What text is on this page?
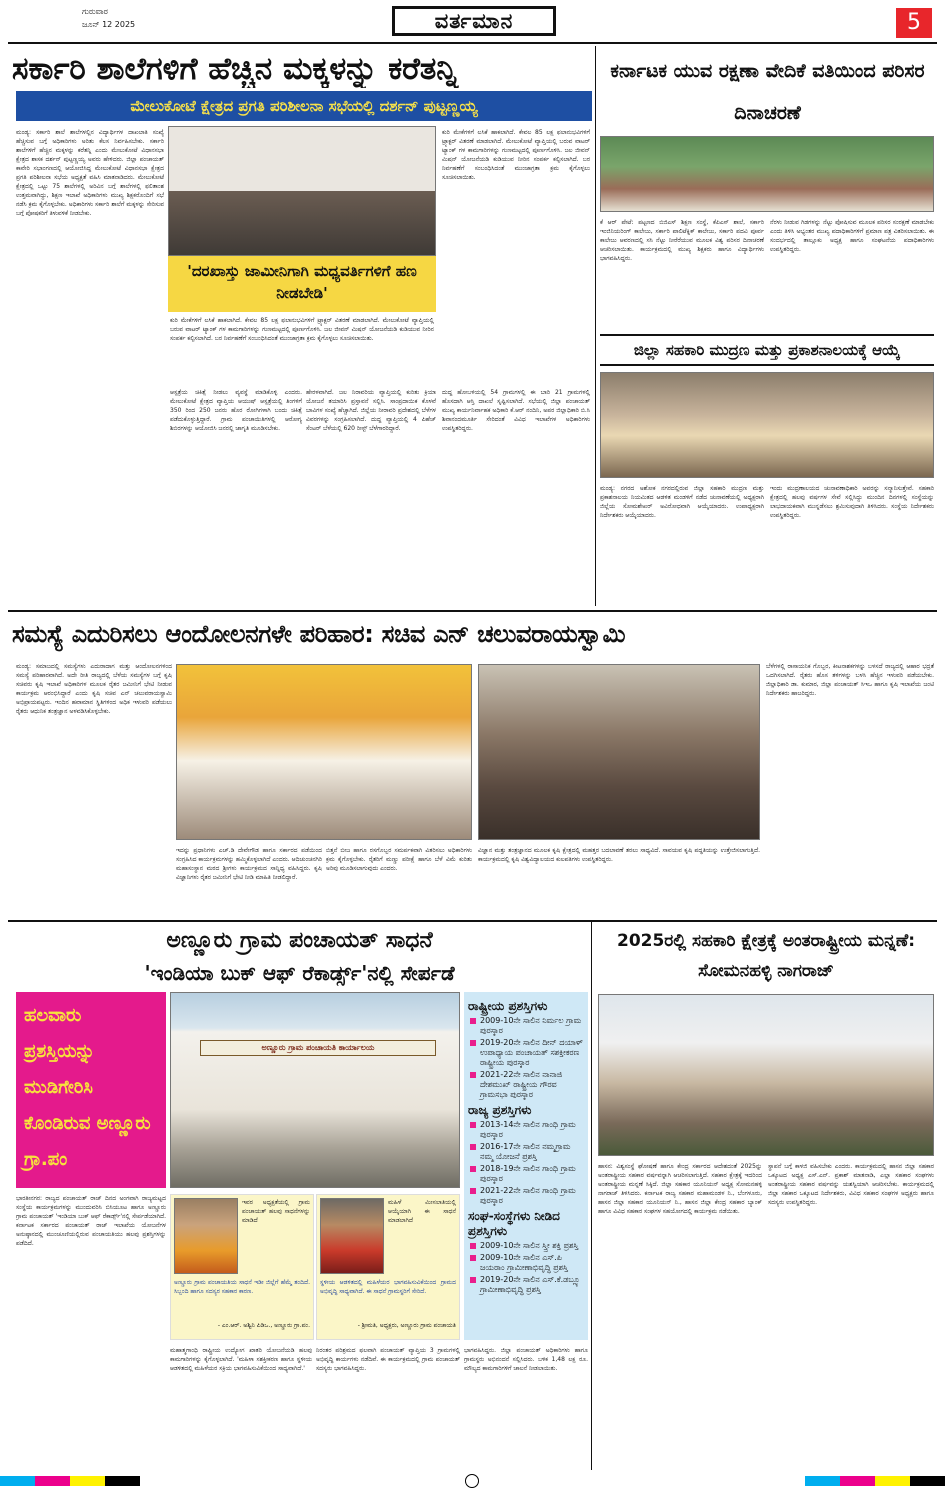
ಗುರುವಾರ
ಜೂನ್ 12 2025	ವರ್ತಮಾನ	5
ಸರ್ಕಾರಿ ಶಾಲೆಗಳಿಗೆ ಹೆಚ್ಚಿನ ಮಕ್ಕಳನ್ನು ಕರೆತನ್ನಿ
ಮೇಲುಕೋಟೆ ಕ್ಷೇತ್ರದ ಪ್ರಗತಿ ಪರಿಶೀಲನಾ ಸಭೆಯಲ್ಲಿ ದರ್ಶನ್ ಪುಟ್ಟಣ್ಣಯ್ಯ
'ದರಖಾಸ್ತು ಜಾಮೀನಿಗಾಗಿ ಮಧ್ಯವರ್ತಿಗಳಿಗೆ ಹಣ ನೀಡಬೇಡಿ'
ಮಂಡ್ಯ: ಸರ್ಕಾರಿ ಶಾಲೆ ಶಾಲೆಗಳಲ್ಲಿನ ವಿದ್ಯಾರ್ಥಿಗಳ ದಾಖಲಾತಿ ಸಂಖ್ಯೆ ಹೆಚ್ಚಿಸುವ ಬಗ್ಗೆ ಅಧಿಕಾರಿಗಳು ಅರಿತು ಕೆಲಸ ನಿರ್ವಹಿಸಬೇಕು. ಸರ್ಕಾರಿ ಶಾಲೆಗಳಿಗೆ ಹೆಚ್ಚಿನ ಮಕ್ಕಳನ್ನು ಕರೆತನ್ನಿ ಎಂದು ಮೇಲುಕೋಟೆ ವಿಧಾನಸಭಾ ಕ್ಷೇತ್ರದ ಶಾಸಕ ದರ್ಶನ್ ಪುಟ್ಟಣ್ಣಯ್ಯ ಅವರು ಹೇಳಿದರು. ಜಿಲ್ಲಾ ಪಂಚಾಯತ್ ಕಾವೇರಿ ಸಭಾಂಗಣದಲ್ಲಿ ಆಯೋಜಿಸಿದ್ದ ಮೇಲುಕೋಟೆ ವಿಧಾನಸಭಾ ಕ್ಷೇತ್ರದ ಪ್ರಗತಿ ಪರಿಶೀಲನಾ ಸಭೆಯ ಅಧ್ಯಕ್ಷತೆ ವಹಿಸಿ ಮಾತನಾಡಿದರು. ಮೇಲುಕೋಟೆ ಕ್ಷೇತ್ರದಲ್ಲಿ ಒಟ್ಟು 75 ಶಾಲೆಗಳಲ್ಲಿ ಅರಿವಿನ ಬಗ್ಗೆ ಶಾಲೆಗಳಲ್ಲಿ ಫಲಿತಾಂಶ ಉತ್ತಮವಾಗಿದ್ದು, ಶಿಕ್ಷಣ ಇಲಾಖೆ ಅಧಿಕಾರಿಗಳು ಮುಖ್ಯ ಶಿಕ್ಷಕರೊಂದಿಗೆ ಸಭೆ ನಡೆಸಿ ಕ್ರಮ ಕೈಗೊಳ್ಳಬೇಕು. ಅಧಿಕಾರಿಗಳು ಸರ್ಕಾರಿ ಶಾಲೆಗೆ ಮಕ್ಕಳನ್ನು ಸೇರಿಸುವ ಬಗ್ಗೆ ಪೋಷಕರಿಗೆ ತಿಳುವಳಿಕೆ ನೀಡಬೇಕು.
ಕುರಿ ಮೇಕೆಗಳಿಗೆ ಲಸಿಕೆ ಹಾಕಲಾಗಿದೆ. ಕೇವಲ 85 ಲಕ್ಷ ಫಲಾನುಭವಿಗಳಿಗೆ ಟ್ರ್ಯಾಕ್ಟರ್ ವಿತರಣೆ ಮಾಡಲಾಗಿದೆ. ಮೇಲುಕೋಟೆ ವ್ಯಾಪ್ತಿಯಲ್ಲಿ ಬರುವ ವಾಟರ್ ಟ್ಯಾಂಕ್ ಗಳ ಕಾಮಗಾರಿಗಳನ್ನು ಗುಣಮಟ್ಟದಲ್ಲಿ ಪೂರ್ಣಗೊಳಿಸಿ. ಜಲ ಜೀವನ್ ಮಿಷನ್ ಯೋಜನೆಯಡಿ ಕುಡಿಯುವ ನೀರಿನ ಸಂಪರ್ಕ ಕಲ್ಪಿಸಲಾಗಿದೆ. ಬರ ನಿರ್ವಹಣೆಗೆ ಸಂಬಂಧಿಸಿದಂತೆ ಮುಂಜಾಗ್ರತಾ ಕ್ರಮ ಕೈಗೊಳ್ಳಲು ಸೂಚಿಸಲಾಯಿತು.
ಕುರಿ ಮೇಕೆಗಳಿಗೆ ಲಸಿಕೆ ಹಾಕಲಾಗಿದೆ. ಕೇವಲ 85 ಲಕ್ಷ ಫಲಾನುಭವಿಗಳಿಗೆ ಟ್ರ್ಯಾಕ್ಟರ್ ವಿತರಣೆ ಮಾಡಲಾಗಿದೆ. ಮೇಲುಕೋಟೆ ವ್ಯಾಪ್ತಿಯಲ್ಲಿ ಬರುವ ವಾಟರ್ ಟ್ಯಾಂಕ್ ಗಳ ಕಾಮಗಾರಿಗಳನ್ನು ಗುಣಮಟ್ಟದಲ್ಲಿ ಪೂರ್ಣಗೊಳಿಸಿ. ಜಲ ಜೀವನ್ ಮಿಷನ್ ಯೋಜನೆಯಡಿ ಕುಡಿಯುವ ನೀರಿನ ಸಂಪರ್ಕ ಕಲ್ಪಿಸಲಾಗಿದೆ. ಬರ ನಿರ್ವಹಣೆಗೆ ಸಂಬಂಧಿಸಿದಂತೆ ಮುಂಜಾಗ್ರತಾ ಕ್ರಮ ಕೈಗೊಳ್ಳಲು ಸೂಚಿಸಲಾಯಿತು.
ಆಸ್ಪತ್ರೆಯ ಚಿಕಿತ್ಸೆ ನೀಡಲು ವ್ಯವಸ್ಥೆ ಮಾಡಿಕೊಳ್ಳಿ ಎಂದರು. ಮೇಲುಕೋಟೆ ಕ್ಷೇತ್ರದ ವ್ಯಾಪ್ತಿಯ ಆಯುಷ್ ಆಸ್ಪತ್ರೆಯಲ್ಲಿ ತಿಂಗಳಿಗೆ 350 ರಿಂದ 250 ಜನರು ಹೊರ ರೋಗಿಗಳಾಗಿ ಬಂದು ಚಿಕಿತ್ಸೆ ಪಡೆದುಕೊಳ್ಳುತ್ತಿದ್ದಾರೆ. ಗ್ರಾಮ ಪಂಚಾಯಿತಿಗಳಲ್ಲಿ ಆರೋಗ್ಯ ಶಿಬಿರಗಳನ್ನು ಆಯೋಜಿಸಿ ಜನರಲ್ಲಿ ಜಾಗೃತಿ ಮೂಡಿಸಬೇಕು.
ಹೇರಳವಾಗಿದೆ. ಜಲ ನಿರಾವರಿಯ ವ್ಯಾಪ್ತಿಯಲ್ಲಿ ಕುರಿತು ಕ್ರಿಯಾ ಯೋಜನೆ ತಯಾರಿಸಿ ಪ್ರಸ್ತಾವನೆ ಸಲ್ಲಿಸಿ. ಸಾಂಪ್ರದಾಯಿಕ ಕೊಳವೆ ಬಾವಿಗಳ ಸಂಖ್ಯೆ ಹೆಚ್ಚಾಗಿದೆ. ಜಿಲ್ಲೆಯ ನೀರಾವರಿ ಪ್ರದೇಶದಲ್ಲಿ ಬೆಳೆಗಳ ವಿವರಗಳನ್ನು ಸಂಗ್ರಹಿಸಲಾಗಿದೆ. ದುದ್ದ ವ್ಯಾಪ್ತಿಯಲ್ಲಿ 4 ಪಿಹೆಚ್ ಸೆಂಟರ್ ಬೆಳೆಯಲ್ಲಿ 620 ರೀಸ್ಟ್ ಬೆಳೆಗಾರರಿದ್ದಾರೆ.
ದುದ್ದ ಹೋಬಳಿಯಲ್ಲಿ 54 ಗ್ರಾಮಗಳಲ್ಲಿ ಈ ಬಾರಿ 21 ಗ್ರಾಮಗಳಲ್ಲಿ ಹೊಸದಾಗಿ ಆಸ್ತಿ ದಾಖಲೆ ಸೃಷ್ಟಿಸಲಾಗಿದೆ. ಸಭೆಯಲ್ಲಿ ಜಿಲ್ಲಾ ಪಂಚಾಯತ್ ಮುಖ್ಯ ಕಾರ್ಯನಿರ್ವಾಹಕ ಅಧಿಕಾರಿ ಕೆ.ಆರ್ ನಂದಿನಿ, ಅಪರ ಜಿಲ್ಲಾಧಿಕಾರಿ ಬಿ.ಸಿ ಶಿವಾನಂದಮೂರ್ತಿ ಸೇರಿದಂತೆ ವಿವಿಧ ಇಲಾಖೆಗಳ ಅಧಿಕಾರಿಗಳು ಉಪಸ್ಥಿತರಿದ್ದರು.
ಕರ್ನಾಟಕ ಯುವ ರಕ್ಷಣಾ ವೇದಿಕೆ ವತಿಯಿಂದ ಪರಿಸರ ದಿನಾಚರಣೆ
ಕೆ ಆರ್ ಪೇಟೆ: ಪಟ್ಟಣದ ಬಿಜಿಎಸ್ ಶಿಕ್ಷಣ ಸಂಸ್ಥೆ, ಕೆಪಿಎಸ್ ಶಾಲೆ, ಸರ್ಕಾರಿ ಇಂಜಿನಿಯರಿಂಗ್ ಕಾಲೇಜು, ಸರ್ಕಾರಿ ಪಾಲಿಟೆಕ್ನಿಕ್ ಕಾಲೇಜು, ಸರ್ಕಾರಿ ಪದವಿ ಪೂರ್ವ ಕಾಲೇಜು ಆವರಣದಲ್ಲಿ ಸಸಿ ನೆಟ್ಟು ನೀರೆರೆಯುವ ಮೂಲಕ ವಿಶ್ವ ಪರಿಸರ ದಿನಾಚರಣೆ ಆಚರಿಸಲಾಯಿತು. ಕಾರ್ಯಕ್ರಮದಲ್ಲಿ ಮುಖ್ಯ ಶಿಕ್ಷಕರು ಹಾಗೂ ವಿದ್ಯಾರ್ಥಿಗಳು ಭಾಗವಹಿಸಿದ್ದರು.
ನೆರಳು ನೀಡುವ ಗಿಡಗಳನ್ನು ನೆಟ್ಟು ಪೋಷಿಸುವ ಮೂಲಕ ಪರಿಸರ ಸಂರಕ್ಷಣೆ ಮಾಡಬೇಕು ಎಂದು ತಿಳಿಸಿ ಅಭ್ಯಂತರ ಮುಖ್ಯ ಪದಾಧಿಕಾರಿಗಳಿಗೆ ಪ್ರಮಾಣ ಪತ್ರ ವಿತರಿಸಲಾಯಿತು. ಈ ಸಂದರ್ಭದಲ್ಲಿ ತಾಲ್ಲೂಕು ಅಧ್ಯಕ್ಷ ಹಾಗೂ ಸಂಘಟನೆಯ ಪದಾಧಿಕಾರಿಗಳು ಉಪಸ್ಥಿತರಿದ್ದರು.
ಜಿಲ್ಲಾ ಸಹಕಾರಿ ಮುದ್ರಣ ಮತ್ತು ಪ್ರಕಾಶನಾಲಯಕ್ಕೆ ಆಯ್ಕೆ
ಮಂಡ್ಯ: ನಗರದ ಅಶೋಕ ನಗರದಲ್ಲಿರುವ ಜಿಲ್ಲಾ ಸಹಕಾರಿ ಮುದ್ರಣ ಮತ್ತು ಪ್ರಕಾಶನಾಲಯ ನಿಯಮಿತದ ಆಡಳಿತ ಮಂಡಳಿಗೆ ನಡೆದ ಚುನಾವಣೆಯಲ್ಲಿ ಅಧ್ಯಕ್ಷರಾಗಿ ಜಿಲ್ಲೆಯ ಸೋಮಶೇಖರ್ ಅವಿರೋಧವಾಗಿ ಆಯ್ಕೆಯಾದರು. ಉಪಾಧ್ಯಕ್ಷರಾಗಿ ನಿರ್ದೇಶಕರು ಆಯ್ಕೆಯಾದರು.
ಇಂದು ಮುದ್ರಣಾಲಯದ ಚುನಾವಣಾಧಿಕಾರಿ ಅವರನ್ನು ಸನ್ಮಾನಿಸುತ್ತೇವೆ. ಸಹಕಾರಿ ಕ್ಷೇತ್ರದಲ್ಲಿ ಹಲವು ವರ್ಷಗಳ ಸೇವೆ ಸಲ್ಲಿಸಿದ್ದು ಮುಂದಿನ ದಿನಗಳಲ್ಲಿ ಸಂಸ್ಥೆಯನ್ನು ಲಾಭದಾಯಕವಾಗಿ ಮುನ್ನಡೆಸಲು ಶ್ರಮಿಸುವುದಾಗಿ ತಿಳಿಸಿದರು. ಸಂಸ್ಥೆಯ ನಿರ್ದೇಶಕರು ಉಪಸ್ಥಿತರಿದ್ದರು.
ಸಮಸ್ಯೆ ಎದುರಿಸಲು ಆಂದೋಲನಗಳೇ ಪರಿಹಾರ: ಸಚಿವ ಎನ್ ಚಲುವರಾಯಸ್ವಾಮಿ
ಮಂಡ್ಯ: ಸಮಾಜದಲ್ಲಿ ಸಮಸ್ಯೆಗಳು ಎದುರಾದಾಗ ಮತ್ತು ಆಂದೋಲನಗಳಿಂದ ಸಮಸ್ಯೆ ಪರಿಹಾರವಾಗಿದೆ. ಅದೇ ರೀತಿ ರಾಜ್ಯದಲ್ಲಿ ಬೆಳೆಯ ಸಮಸ್ಯೆಗಳ ಬಗ್ಗೆ ಕೃಷಿ ಸಚಿವರು ಕೃಷಿ ಇಲಾಖೆ ಅಧಿಕಾರಿಗಳ ಮೂಲಕ ರೈತರ ಜಮೀನಿಗೆ ಭೇಟಿ ನೀಡುವ ಕಾರ್ಯಕ್ರಮ ಆರಂಭಿಸಿದ್ದಾರೆ ಎಂದು ಕೃಷಿ ಸಚಿವ ಎನ್ ಚಲುವರಾಯಸ್ವಾಮಿ ಅಭಿಪ್ರಾಯಪಟ್ಟರು. ಇಂದಿನ ಹವಾಮಾನ ಸ್ಥಿತಿಗಳಿಂದ ಅಧಿಕ ಇಳುವರಿ ಪಡೆಯಲು ರೈತರು ಆಧುನಿಕ ತಂತ್ರಜ್ಞಾನ ಅಳವಡಿಸಿಕೊಳ್ಳಬೇಕು.
ಬೆಳೆಗಳಲ್ಲಿ ರಾಸಾಯನಿಕ ಗೊಬ್ಬರ, ಕೀಟನಾಶಕಗಳನ್ನು ಬಳಸದೆ ರಾಜ್ಯದಲ್ಲಿ ಆಹಾರ ಭದ್ರತೆ ಒದಗಿಸಲಾಗಿದೆ. ರೈತರು ಹೊಸ ತಳಿಗಳನ್ನು ಬಳಸಿ ಹೆಚ್ಚಿನ ಇಳುವರಿ ಪಡೆಯಬೇಕು. ಜಿಲ್ಲಾಧಿಕಾರಿ ಡಾ. ಕುಮಾರ, ಜಿಲ್ಲಾ ಪಂಚಾಯತ್ ಸಿಇಒ ಹಾಗೂ ಕೃಷಿ ಇಲಾಖೆಯ ಜಂಟಿ ನಿರ್ದೇಶಕರು ಹಾಜರಿದ್ದರು.
ಇದನ್ನು ಪ್ರಧಾನಿಗಳು ಎಚ್.ಡಿ ದೇವೇಗೌಡ ಹಾಗೂ ಸರ್ಕಾರದ ಪಡೆಯಿಂದ ಸಂಗ್ರಹಿಸಿದ ಕಾರ್ಯಕ್ರಮಗಳನ್ನು ಹಮ್ಮಿಕೊಳ್ಳಲಾಗಿದೆ ಎಂದರು. ಆದಿಚುಂಚನಗಿರಿ ಮಹಾಸಂಸ್ಥಾನ ಮಠದ ಶ್ರೀಗಳು ಕಾರ್ಯಕ್ರಮದ ಸಾನ್ನಿಧ್ಯ ವಹಿಸಿದ್ದರು. ಕೃಷಿ ವಿಜ್ಞಾನಿಗಳು ರೈತರ ಜಮೀನಿಗೆ ಭೇಟಿ ನೀಡಿ ಮಾಹಿತಿ ನೀಡಲಿದ್ದಾರೆ.
ಬಿತ್ತನೆ ಬೀಜ ಹಾಗೂ ರಸಗೊಬ್ಬರ ಸಮರ್ಪಕವಾಗಿ ವಿತರಿಸಲು ಅಧಿಕಾರಿಗಳು ಕ್ರಮ ಕೈಗೊಳ್ಳಬೇಕು. ರೈತರಿಗೆ ಮಣ್ಣು ಪರೀಕ್ಷೆ ಹಾಗೂ ಬೆಳೆ ವಿಮೆ ಕುರಿತು ಅರಿವು ಮೂಡಿಸಲಾಗುವುದು ಎಂದರು.
ವಿಜ್ಞಾನ ಮತ್ತು ತಂತ್ರಜ್ಞಾನದ ಮೂಲಕ ಕೃಷಿ ಕ್ಷೇತ್ರದಲ್ಲಿ ಮಹತ್ತರ ಬದಲಾವಣೆ ತರಲು ಸಾಧ್ಯವಿದೆ. ಸಾವಯವ ಕೃಷಿ ಪದ್ಧತಿಯನ್ನು ಉತ್ತೇಜಿಸಲಾಗುತ್ತಿದೆ. ಕಾರ್ಯಕ್ರಮದಲ್ಲಿ ಕೃಷಿ ವಿಶ್ವವಿದ್ಯಾಲಯದ ಕುಲಪತಿಗಳು ಉಪಸ್ಥಿತರಿದ್ದರು.
ಅಣ್ಣೂರು ಗ್ರಾಮ ಪಂಚಾಯತ್ ಸಾಧನೆ
'ಇಂಡಿಯಾ ಬುಕ್ ಆಫ್ ರೆಕಾರ್ಡ್ಸ್'ನಲ್ಲಿ ಸೇರ್ಪಡೆ
ಹಲವಾರು ಪ್ರಶಸ್ತಿಯನ್ನು ಮುಡಿಗೇರಿಸಿ ಕೊಂಡಿರುವ ಅಣ್ಣೂರು ಗ್ರಾ.ಪಂ
ಅಣ್ಣೂರು ಗ್ರಾಮ ಪಂಚಾಯತಿ ಕಾರ್ಯಾಲಯ
ರಾಷ್ಟ್ರೀಯ ಪ್ರಶಸ್ತಿಗಳು
2009-10ನೇ ಸಾಲಿನ ನಿರ್ಮಲ ಗ್ರಾಮ ಪುರಸ್ಕಾರ
2019-20ನೇ ಸಾಲಿನ ದೀನ್ ದಯಾಳ್ ಉಪಾಧ್ಯಾಯ ಪಂಚಾಯತ್ ಸಶಕ್ತೀಕರಣ ರಾಷ್ಟ್ರೀಯ ಪುರಸ್ಕಾರ
2021-22ನೇ ಸಾಲಿನ ನಾನಾಜಿ ದೇಶಮುಖ್ ರಾಷ್ಟ್ರೀಯ ಗೌರವ ಗ್ರಾಮಸಭಾ ಪುರಸ್ಕಾರ
ರಾಜ್ಯ ಪ್ರಶಸ್ತಿಗಳು
2013-14ನೇ ಸಾಲಿನ ಗಾಂಧಿ ಗ್ರಾಮ ಪುರಸ್ಕಾರ
2016-17ನೇ ಸಾಲಿನ ನಮ್ಮಗ್ರಾಮ ನಮ್ಮ ಯೋಜನೆ ಪ್ರಶಸ್ತಿ
2018-19ನೇ ಸಾಲಿನ ಗಾಂಧಿ ಗ್ರಾಮ ಪುರಸ್ಕಾರ
2021-22ನೇ ಸಾಲಿನ ಗಾಂಧಿ ಗ್ರಾಮ ಪುರಸ್ಕಾರ
ಸಂಘ-ಸಂಸ್ಥೆಗಳು ನೀಡಿದ ಪ್ರಶಸ್ತಿಗಳು
2009-10ನೇ ಸಾಲಿನ ಸ್ತ್ರೀ ಶಕ್ತಿ ಪ್ರಶಸ್ತಿ
2009-10ನೇ ಸಾಲಿನ ಎಸ್.ಪಿ ಜಯರಾಂ ಗ್ರಾಮೀಣಾಭಿವೃದ್ಧಿ ಪ್ರಶಸ್ತಿ
2019-20ನೇ ಸಾಲಿನ ಎಸ್.ಕೆ.ಡಬ್ಲ್ಯೂ ಗ್ರಾಮೀಣಾಭಿವೃದ್ಧಿ ಪ್ರಶಸ್ತಿ
ಇವರ ಅಧ್ಯಕ್ಷತೆಯಲ್ಲಿ ಗ್ರಾಮ ಪಂಚಾಯತ್ ಹಲವು ಸಾಧನೆಗಳನ್ನು ಮಾಡಿದೆ
ಅಣ್ಣೂರು ಗ್ರಾಮ ಪಂಚಾಯತಿಯ ಸಾಧನೆ ಇಡೀ ಜಿಲ್ಲೆಗೆ ಹೆಮ್ಮೆ ತಂದಿದೆ. ಸಿಬ್ಬಂದಿ ಹಾಗೂ ಸದಸ್ಯರ ಸಹಕಾರ ಕಾರಣ.
- ಎಂ.ಆರ್. ಅಶ್ವಿನಿ ಪಿಡಿಒ., ಅಣ್ಣೂರು ಗ್ರಾ.ಪಂ.
ಮಹಿಳೆ ಮೀಸಲಾತಿಯಲ್ಲಿ ಆಯ್ಕೆಯಾಗಿ ಈ ಸಾಧನೆ ಮಾಡಲಾಗಿದೆ
ಸ್ಥಳೀಯ ಆಡಳಿತದಲ್ಲಿ ಮಹಿಳೆಯರ ಭಾಗವಹಿಸುವಿಕೆಯಿಂದ ಗ್ರಾಮದ ಅಭಿವೃದ್ಧಿ ಸಾಧ್ಯವಾಗಿದೆ. ಈ ಸಾಧನೆ ಗ್ರಾಮಸ್ಥರಿಗೆ ಸೇರಿದೆ.
- ಶ್ರೀಮತಿ, ಅಧ್ಯಕ್ಷರು, ಅಣ್ಣೂರು ಗ್ರಾಮ ಪಂಚಾಯತಿ
ಭಾರತೀನಗರ: ರಾಜ್ಯದ ಪಂಚಾಯತ್ ರಾಜ್ ದಿನದ ಅಂಗವಾಗಿ ರಾಜ್ಯಮಟ್ಟದ ಸಂಸ್ಥೆಯ ಕಾರ್ಯಕ್ರಮಗಳನ್ನು ಮುಂದುವರಿಸಿ ಬಿಸಿಯೂಟ ಹಾಗೂ ಅಣ್ಣೂರು ಗ್ರಾಮ ಪಂಚಾಯತ್ 'ಇಂಡಿಯಾ ಬುಕ್ ಆಫ್ ರೆಕಾರ್ಡ್ಸ್'ನಲ್ಲಿ ಸೇರ್ಪಡೆಯಾಗಿದೆ. ಕರ್ನಾಟಕ ಸರ್ಕಾರದ ಪಂಚಾಯತ್ ರಾಜ್ ಇಲಾಖೆಯ ಯೋಜನೆಗಳ ಅನುಷ್ಠಾನದಲ್ಲಿ ಮುಂಚೂಣಿಯಲ್ಲಿರುವ ಪಂಚಾಯತಿಯು ಹಲವು ಪ್ರಶಸ್ತಿಗಳನ್ನು ಪಡೆದಿದೆ.
ಮಹಾತ್ಮಗಾಂಧಿ ರಾಷ್ಟ್ರೀಯ ಉದ್ಯೋಗ ಖಾತರಿ ಯೋಜನೆಯಡಿ ಹಲವು ಕಾಮಗಾರಿಗಳನ್ನು ಕೈಗೊಳ್ಳಲಾಗಿದೆ. 'ಮಹಿಳಾ ಸಶಕ್ತೀಕರಣ ಹಾಗೂ ಸ್ಥಳೀಯ ಆಡಳಿತದಲ್ಲಿ ಮಹಿಳೆಯರ ಸಕ್ರಿಯ ಭಾಗವಹಿಸುವಿಕೆಯಿಂದ ಸಾಧ್ಯವಾಗಿದೆ.'
ನಿರಂತರ ಪರಿಶ್ರಮದ ಫಲವಾಗಿ ಪಂಚಾಯತ್ ವ್ಯಾಪ್ತಿಯ 3 ಗ್ರಾಮಗಳಲ್ಲಿ ಅಭಿವೃದ್ಧಿ ಕಾರ್ಯಗಳು ನಡೆದಿವೆ. ಈ ಕಾರ್ಯಕ್ರಮದಲ್ಲಿ ಗ್ರಾಮ ಪಂಚಾಯತ್ ಸದಸ್ಯರು ಭಾಗವಹಿಸಿದ್ದರು.
ಭಾಗವಹಿಸಿದ್ದರು. ಜಿಲ್ಲಾ ಪಂಚಾಯತ್ ಅಧಿಕಾರಿಗಳು ಹಾಗೂ ಗ್ರಾಮಸ್ಥರು ಅಭಿನಂದನೆ ಸಲ್ಲಿಸಿದರು. ಬಳಿಕ 1,48 ಲಕ್ಷ ರೂ. ಮೌಲ್ಯದ ಕಾಮಗಾರಿಗಳಿಗೆ ಚಾಲನೆ ನೀಡಲಾಯಿತು.
2025ರಲ್ಲಿ ಸಹಕಾರಿ ಕ್ಷೇತ್ರಕ್ಕೆ ಅಂತರಾಷ್ಟ್ರೀಯ ಮನ್ನಣೆ: ಸೋಮನಹಳ್ಳಿ ನಾಗರಾಜ್
ಹಾಸನ: ವಿಶ್ವಸಂಸ್ಥೆ ಘೋಷಣೆ ಹಾಗೂ ಕೇಂದ್ರ ಸರ್ಕಾರದ ಆದೇಶದಂತೆ 2025ನ್ನು ಅಂತರಾಷ್ಟ್ರೀಯ ಸಹಕಾರ ವರ್ಷವನ್ನಾಗಿ ಆಚರಿಸಲಾಗುತ್ತಿದೆ. ಸಹಕಾರ ಕ್ಷೇತ್ರಕ್ಕೆ ಇದರಿಂದ ಅಂತರಾಷ್ಟ್ರೀಯ ಮನ್ನಣೆ ಸಿಕ್ಕಿದೆ. ಜಿಲ್ಲಾ ಸಹಕಾರ ಯೂನಿಯನ್ ಅಧ್ಯಕ್ಷ ಸೋಮನಹಳ್ಳಿ ನಾಗರಾಜ್ ತಿಳಿಸಿದರು. ಕರ್ನಾಟಕ ರಾಜ್ಯ ಸಹಕಾರ ಮಹಾಮಂಡಳ ನಿ., ಬೆಂಗಳೂರು, ಹಾಸನ ಜಿಲ್ಲಾ ಸಹಕಾರ ಯೂನಿಯನ್ ನಿ., ಹಾಸನ ಜಿಲ್ಲಾ ಕೇಂದ್ರ ಸಹಕಾರ ಬ್ಯಾಂಕ್ ಹಾಗೂ ವಿವಿಧ ಸಹಕಾರ ಸಂಘಗಳ ಸಹಯೋಗದಲ್ಲಿ ಕಾರ್ಯಕ್ರಮ ನಡೆಯಿತು.
ಸ್ಥಾಪನೆ ಬಗ್ಗೆ ಕಾಳಜಿ ವಹಿಸಬೇಕು ಎಂದರು. ಕಾರ್ಯಕ್ರಮದಲ್ಲಿ ಹಾಸನ ಜಿಲ್ಲಾ ಸಹಕಾರ ಒಕ್ಕೂಟದ ಅಧ್ಯಕ್ಷ ಎಸ್.ಎನ್. ಪ್ರಕಾಶ್ ಮಾತನಾಡಿ, ಎಲ್ಲಾ ಸಹಕಾರ ಸಂಘಗಳು ಅಂತರಾಷ್ಟ್ರೀಯ ಸಹಕಾರ ವರ್ಷವನ್ನು ಯಶಸ್ವಿಯಾಗಿ ಆಚರಿಸಬೇಕು. ಕಾರ್ಯಕ್ರಮದಲ್ಲಿ ಜಿಲ್ಲಾ ಸಹಕಾರ ಒಕ್ಕೂಟದ ನಿರ್ದೇಶಕರು, ವಿವಿಧ ಸಹಕಾರ ಸಂಘಗಳ ಅಧ್ಯಕ್ಷರು ಹಾಗೂ ಸದಸ್ಯರು ಉಪಸ್ಥಿತರಿದ್ದರು.
